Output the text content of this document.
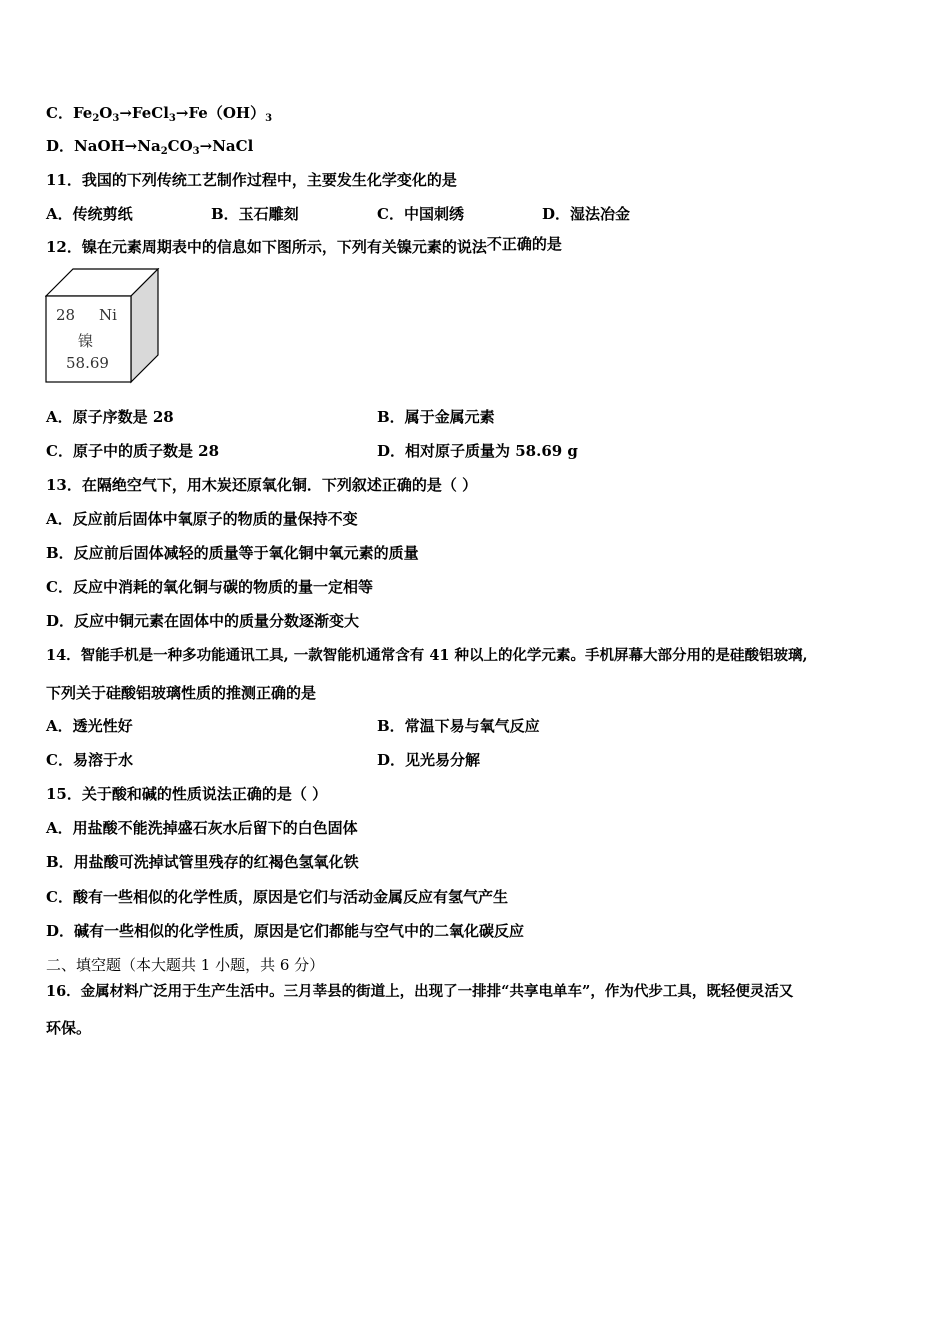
C．$Fe_2O_3\to FeCl_3\to Fe(OH)_3$
D．$NaOH\to Na_2CO_3\to NaCl$
11．我国的下列传统工艺制作过程中，主要发生化学变化的是
A．传统剪纸	B．玉石雕刻	C．中国刺绣	D．湿法冶金
12．镍在元素周期表中的信息如下图所示，下列有关镍元素的说法不正确的是
28 Ni
镍
58.69
A．原子序数是 28	B．属于金属元素
C．原子中的质子数是 28	D．相对原子质量为 58.69 g
13．在隔绝空气下，用木炭还原氧化铜．下列叙述正确的是（ ）
A．反应前后固体中氧原子的物质的量保持不变
B．反应前后固体减轻的质量等于氧化铜中氧元素的质量
C．反应中消耗的氧化铜与碳的物质的量一定相等
D．反应中铜元素在固体中的质量分数逐渐变大
14．智能手机是一种多功能通讯工具, 一款智能机通常含有 41 种以上的化学元素。手机屏幕大部分用的是硅酸铝玻璃,
下列关于硅酸铝玻璃性质的推测正确的是
A．透光性好	B．常温下易与氧气反应
C．易溶于水	D．见光易分解
15．关于酸和碱的性质说法正确的是（ ）
A．用盐酸不能洗掉盛石灰水后留下的白色固体
B．用盐酸可洗掉试管里残存的红褐色氢氧化铁
C．酸有一些相似的化学性质，原因是它们与活动金属反应有氢气产生
D．碱有一些相似的化学性质，原因是它们都能与空气中的二氧化碳反应
二、填空题（本大题共 1 小题，共 6 分）
16．金属材料广泛用于生产生活中。三月莘县的街道上，出现了一排排“共享电单车”，作为代步工具，既轻便灵活又
环保。
